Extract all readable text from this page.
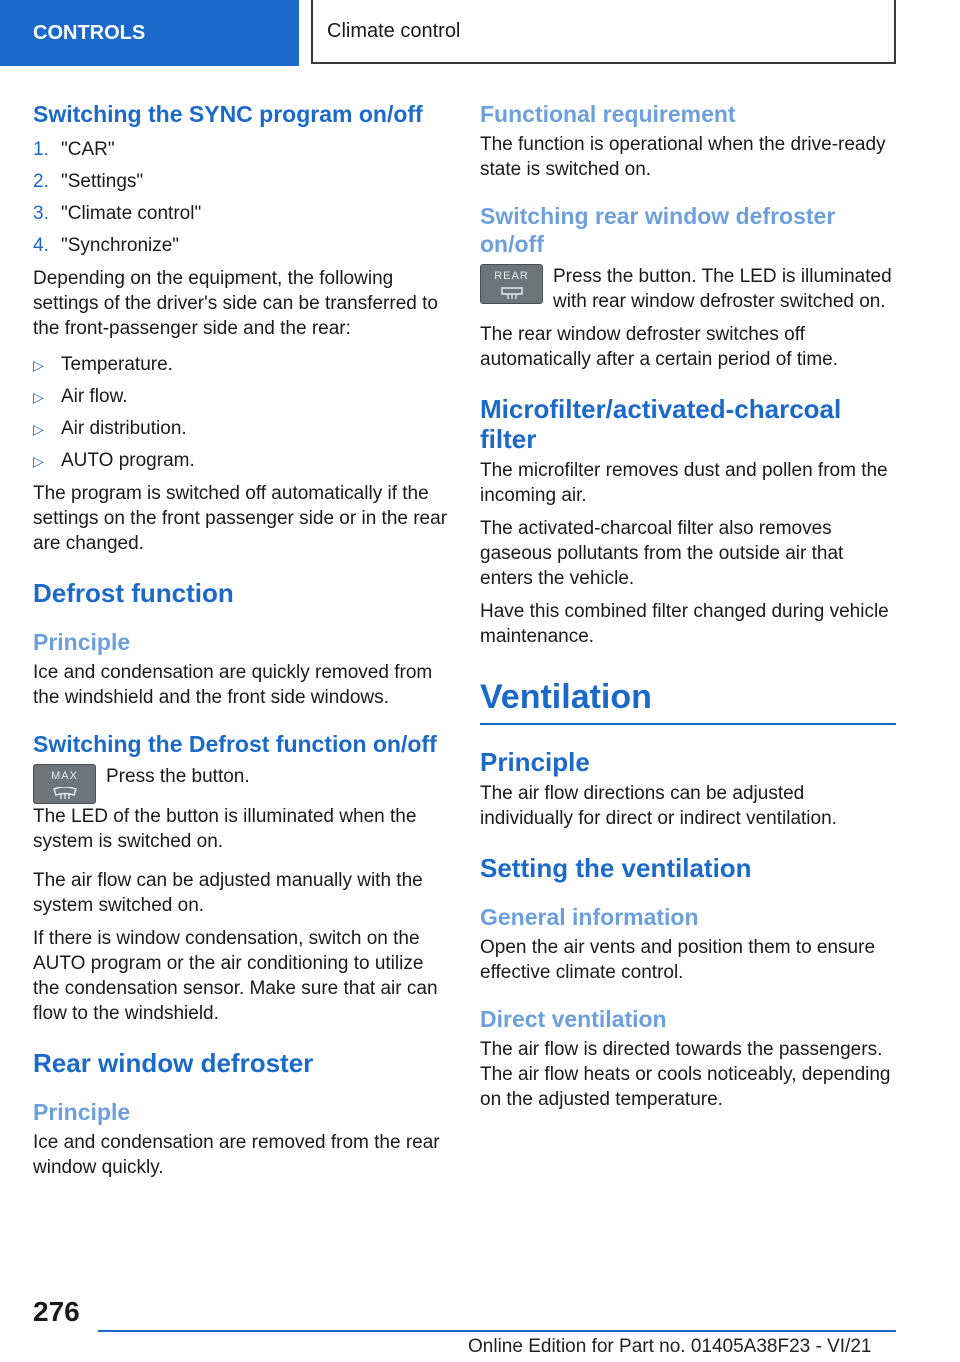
CONTROLS	Climate control
Switching the SYNC program on/off
1. "CAR"
2. "Settings"
3. "Climate control"
4. "Synchronize"

Depending on the equipment, the following settings of the driver's side can be transferred to the front-passenger side and the rear:

▷ Temperature.
▷ Air flow.
▷ Air distribution.
▷ AUTO program.

The program is switched off automatically if the settings on the front passenger side or in the rear are changed.

Defrost function
Principle

Ice and condensation are quickly removed from the windshield and the front side windows.

Switching the Defrost function on/off
MAX	Press the button.

The LED of the button is illuminated when the system is switched on.

The air flow can be adjusted manually with the system switched on.

If there is window condensation, switch on the AUTO program or the air conditioning to utilize the condensation sensor. Make sure that air can flow to the windshield.

Rear window defroster
Principle

Ice and condensation are removed from the rear window quickly.

Functional requirement

The function is operational when the drive-ready state is switched on.

Switching rear window defroster on/off
REAR	Press the button. The LED is illuminated with rear window defroster switched on.

The rear window defroster switches off automatically after a certain period of time.

Microfilter/activated-charcoal filter

The microfilter removes dust and pollen from the incoming air.

The activated-charcoal filter also removes gaseous pollutants from the outside air that enters the vehicle.

Have this combined filter changed during vehicle maintenance.

Ventilation
Principle

The air flow directions can be adjusted individually for direct or indirect ventilation.

Setting the ventilation
General information

Open the air vents and position them to ensure effective climate control.

Direct ventilation

The air flow is directed towards the passengers. The air flow heats or cools noticeably, depending on the adjusted temperature.

276
Online Edition for Part no. 01405A38F23 - VI/21
